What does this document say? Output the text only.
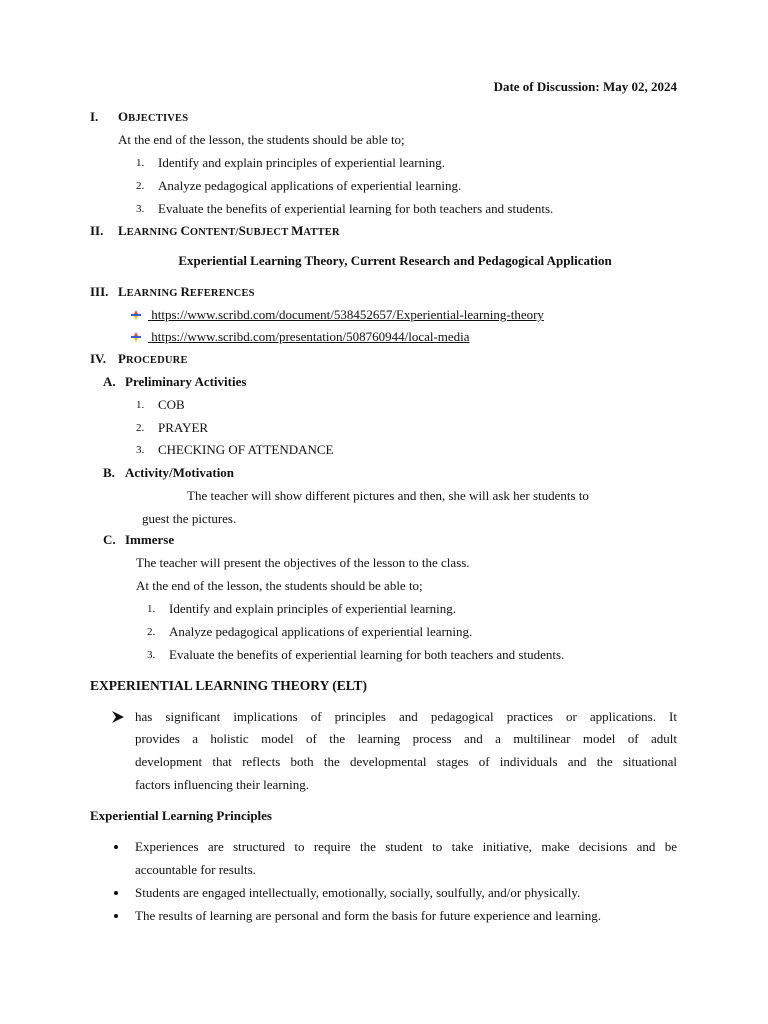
Date of Discussion: May 02, 2024
I. OBJECTIVES
At the end of the lesson, the students should be able to;
1. Identify and explain principles of experiential learning.
2. Analyze pedagogical applications of experiential learning.
3. Evaluate the benefits of experiential learning for both teachers and students.
II. LEARNING CONTENT/SUBJECT MATTER
Experiential Learning Theory, Current Research and Pedagogical Application
III. LEARNING REFERENCES
https://www.scribd.com/document/538452657/Experiential-learning-theory
https://www.scribd.com/presentation/508760944/local-media
IV. PROCEDURE
A. Preliminary Activities
1. COB
2. PRAYER
3. CHECKING OF ATTENDANCE
B. Activity/Motivation
The teacher will show different pictures and then, she will ask her students to
guest the pictures.
C. Immerse
The teacher will present the objectives of the lesson to the class.
At the end of the lesson, the students should be able to;
1. Identify and explain principles of experiential learning.
2. Analyze pedagogical applications of experiential learning.
3. Evaluate the benefits of experiential learning for both teachers and students.
EXPERIENTIAL LEARNING THEORY (ELT)
has significant implications of principles and pedagogical practices or applications. It
provides a holistic model of the learning process and a multilinear model of adult
development that reflects both the developmental stages of individuals and the situational
factors influencing their learning.
Experiential Learning Principles
Experiences are structured to require the student to take initiative, make decisions and be
accountable for results.
Students are engaged intellectually, emotionally, socially, soulfully, and/or physically.
The results of learning are personal and form the basis for future experience and learning.
